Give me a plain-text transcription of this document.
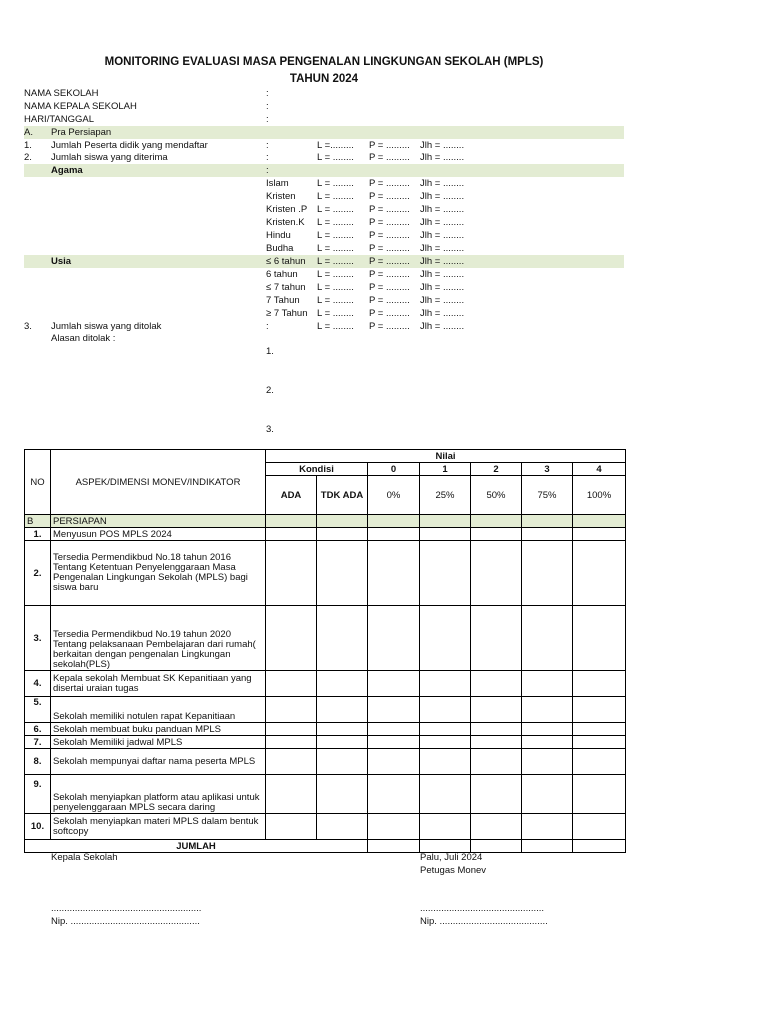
MONITORING EVALUASI MASA PENGENALAN LINGKUNGAN SEKOLAH (MPLS)
TAHUN 2024
NAMA SEKOLAH	:
NAMA KEPALA SEKOLAH	:
HARI/TANGGAL	:
A. Pra Persiapan
1. Jumlah Peserta didik yang mendaftar	:	L =......... P = ......... Jlh = ........
2. Jumlah siswa yang diterima	:	L = ........ P = ......... Jlh = ........
Agama	:
Islam	L = ........ P = ......... Jlh = ........
Kristen L = ........ P = ......... Jlh = ........
Kristen .P L = ........ P = ......... Jlh = ........
Kristen.K L = ........ P = ......... Jlh = ........
Hindu	L = ........ P = ......... Jlh = ........
Budha L = ........ P = ......... Jlh = ........
Usia	≤ 6 tahun L = ........ P = ......... Jlh = ........
6 tahun L = ........ P = ......... Jlh = ........
≤ 7 tahun L = ........ P = ......... Jlh = ........
7 Tahun L = ........ P = ......... Jlh = ........
≥ 7 Tahun L = ........ P = ......... Jlh = ........
3. Jumlah siswa yang ditolak	:	L = ........ P = ......... Jlh = ........
Alasan ditolak :
1.
2.
3.
NO	ASPEK/DIMENSI MONEV/INDIKATOR	Nilai						
		Kondisi		0	1	2	3	4
		ADA	TDK ADA	0%	25%	50%	75%	100%
B	PERSIAPAN							
1.	Menyusun POS MPLS 2024							
2.	Tersedia Permendikbud No.18 tahun 2016 Tentang Ketentuan Penyelenggaraan Masa Pengenalan Lingkungan Sekolah (MPLS) bagi siswa baru							
3.	Tersedia Permendikbud No.19 tahun 2020 Tentang pelaksanaan Pembelajaran dari rumah( berkaitan dengan pengenalan Lingkungan sekolah(PLS)							
4.	Kepala sekolah Membuat SK Kepanitiaan yang disertai uraian tugas							
5.	Sekolah memiliki notulen rapat Kepanitiaan							
6.	Sekolah membuat buku panduan MPLS							
7.	Sekolah Memiliki jadwal MPLS							
8.	Sekolah mempunyai daftar nama peserta MPLS							
9.	Sekolah menyiapkan platform atau aplikasi untuk penyelenggaraan MPLS secara daring							
10.	Sekolah menyiapkan materi MPLS dalam bentuk softcopy							
JUMLAH								
Kepala Sekolah	Palu, Juli 2024
Petugas Monev
.........................................................
Nip. .................................................
...............................................
Nip. .........................................
